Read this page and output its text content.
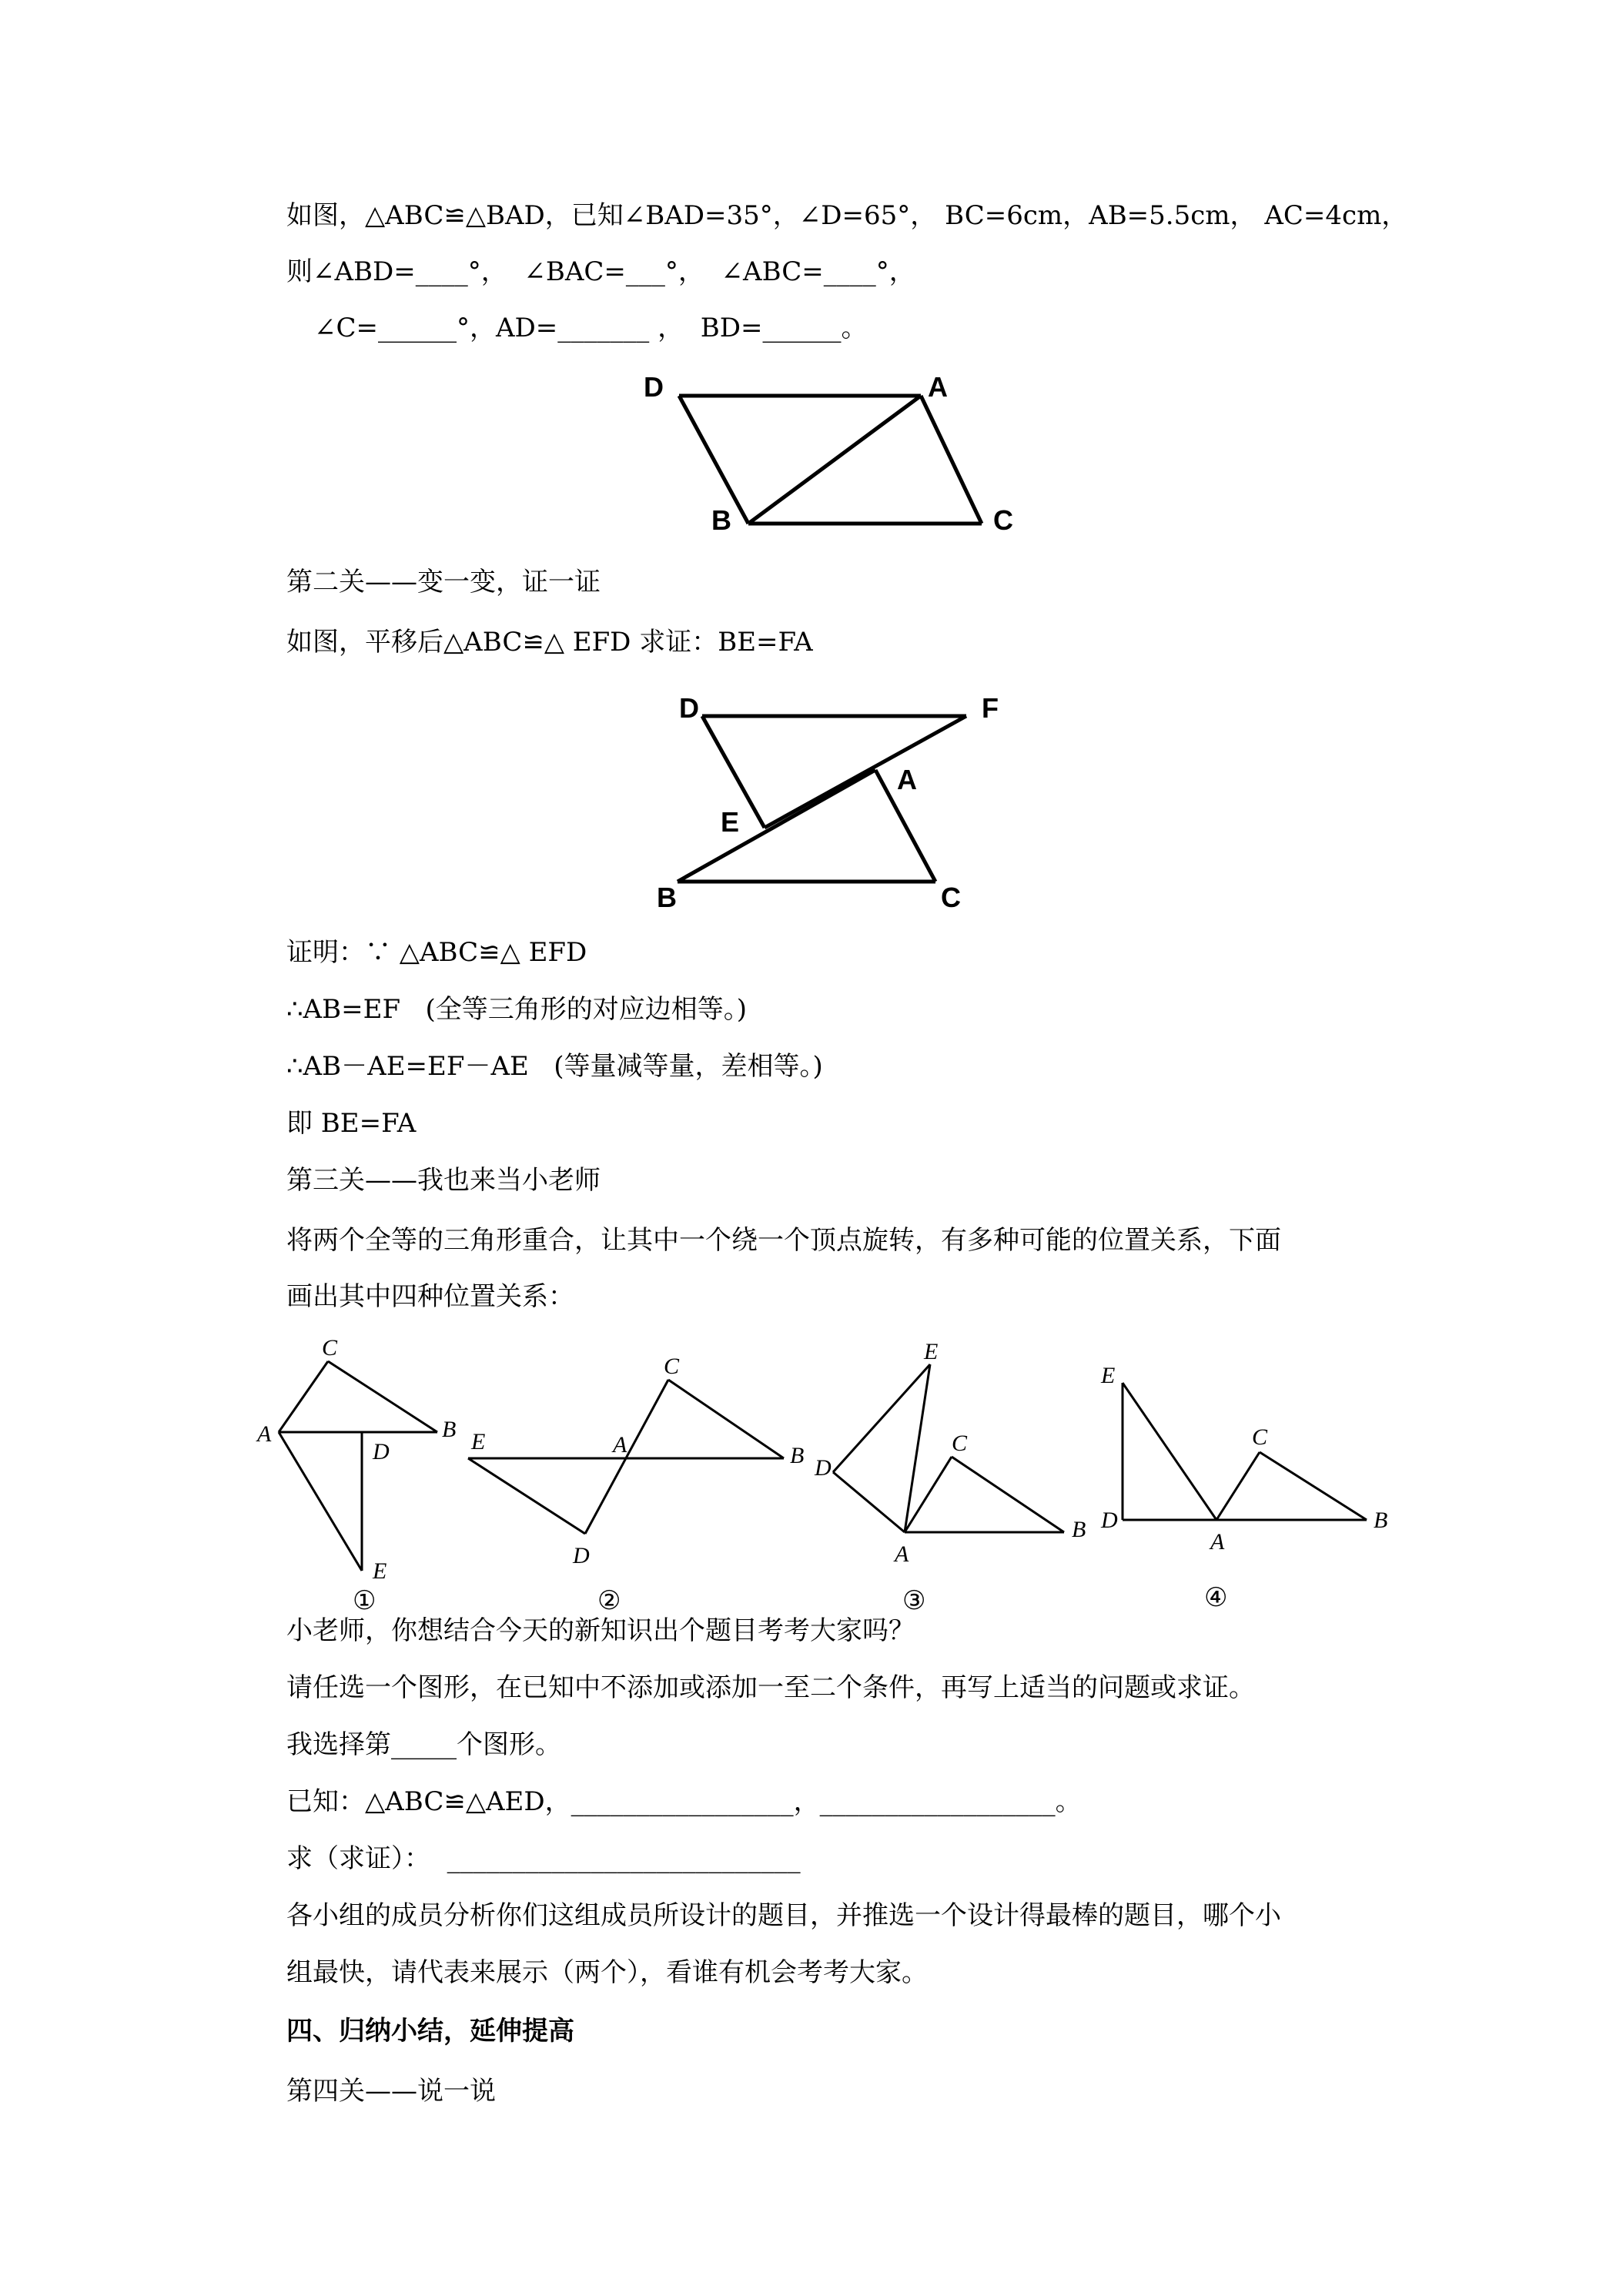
如图，△ABC≌△BAD，已知∠BAD=35°，∠D=65°， BC=6cm，AB=5.5cm， AC=4cm，
则∠ABD=____°，  ∠BAC=___°，  ∠ABC=____°，
∠C=______°，AD=_______ ，  BD=______。
D	A
B	C
第二关——变一变，证一证
如图，平移后△ABC≌△ EFD 求证：BE=FA
D	F
A
E
B	C
证明：∵ △ABC≌△ EFD
∴AB=EF   (全等三角形的对应边相等。)
∴AB－AE=EF－AE   (等量减等量，差相等。)
即 BE=FA
第三关——我也来当小老师
将两个全等的三角形重合，让其中一个绕一个顶点旋转，有多种可能的位置关系，下面
画出其中四种位置关系：
C
A	B
D
E
①
C
E	A	B
D
②
E
C
D
A
B
③
E
C
D
A
B
④
小老师，你想结合今天的新知识出个题目考考大家吗？
请任选一个图形，在已知中不添加或添加一至二个条件，再写上适当的问题或求证。
我选择第_____个图形。
已知：△ABC≌△AED，_________________，__________________。
求（求证）：  ___________________________
各小组的成员分析你们这组成员所设计的题目，并推选一个设计得最棒的题目，哪个小
组最快，请代表来展示（两个），看谁有机会考考大家。
四、归纳小结，延伸提高
第四关——说一说
